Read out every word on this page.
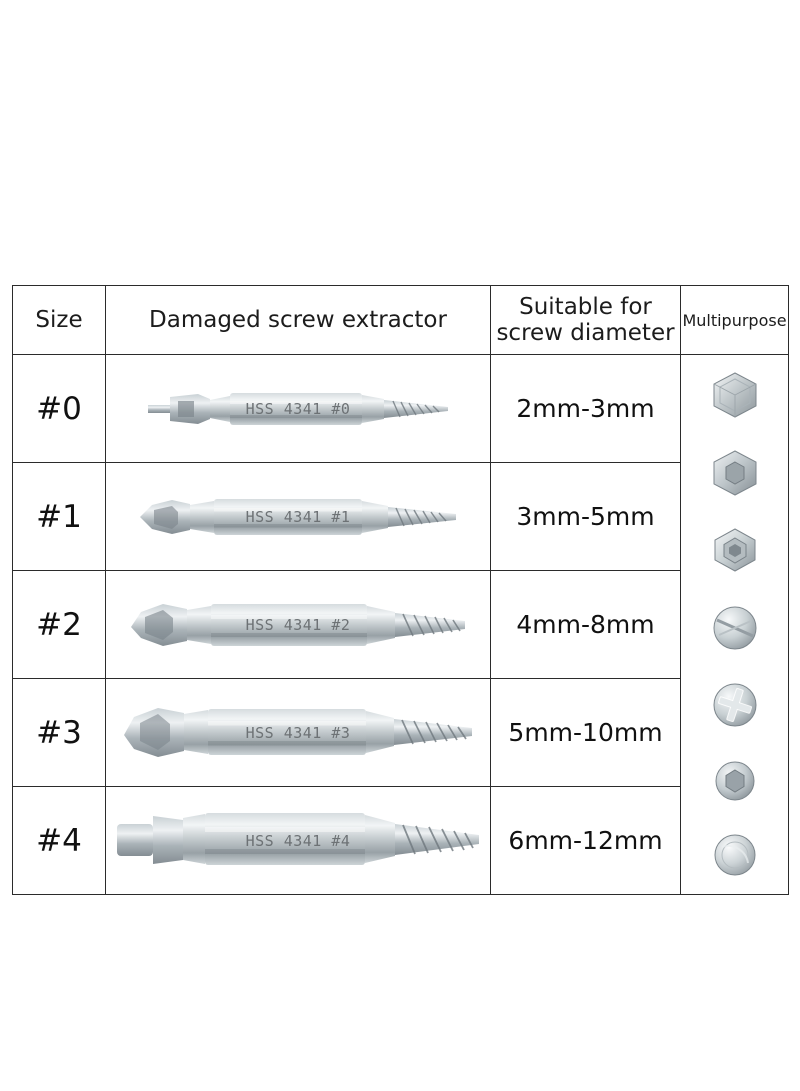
Size	Damaged screw extractor	Suitable for
screw diameter	Multipurpose
#0	HSS 4341 #0	2mm-3mm	

#1	HSS 4341 #1	3mm-5mm	
#2	HSS 4341 #2	4mm-8mm	
#3	HSS 4341 #3	5mm-10mm	
#4	HSS 4341 #4	6mm-12mm	
